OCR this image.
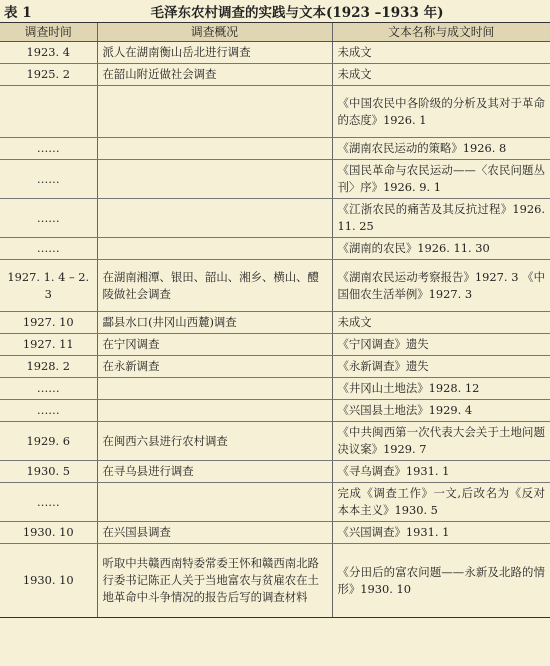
表 1	毛泽东农村调查的实践与文本(1923 –1933 年)
调查时间	调查概况	文本名称与成文时间
1923. 4	派人在湖南衡山岳北进行调查	未成文
1925. 2	在韶山附近做社会调查	未成文
		《中国农民中各阶级的分析及其对于革命的态度》1926. 1
……		《湖南农民运动的策略》1926. 8
……		《国民革命与农民运动——〈农民问题丛刊〉序》1926. 9. 1
……		《江浙农民的痛苦及其反抗过程》1926. 11. 25
……		《湖南的农民》1926. 11. 30
1927. 1. 4 – 2. 3	在湖南湘潭、银田、韶山、湘乡、横山、醴陵做社会调查	《湖南农民运动考察报告》1927. 3 《中国佃农生活举例》1927. 3
1927. 10	酃县水口(井冈山西麓)调查	未成文
1927. 11	在宁冈调查	《宁冈调查》遗失
1928. 2	在永新调查	《永新调查》遗失
……		《井冈山土地法》1928. 12
……		《兴国县土地法》1929. 4
1929. 6	在闽西六县进行农村调查	《中共闽西第一次代表大会关于土地问题决议案》1929. 7
1930. 5	在寻乌县进行调查	《寻乌调查》1931. 1
……		完成《调查工作》一文,后改名为《反对本本主义》1930. 5
1930. 10	在兴国县调查	《兴国调查》1931. 1
1930. 10	听取中共赣西南特委常委王怀和赣西南北路行委书记陈正人关于当地富农与贫雇农在土地革命中斗争情况的报告后写的调查材料	《分田后的富农问题——永新及北路的情形》1930. 10
